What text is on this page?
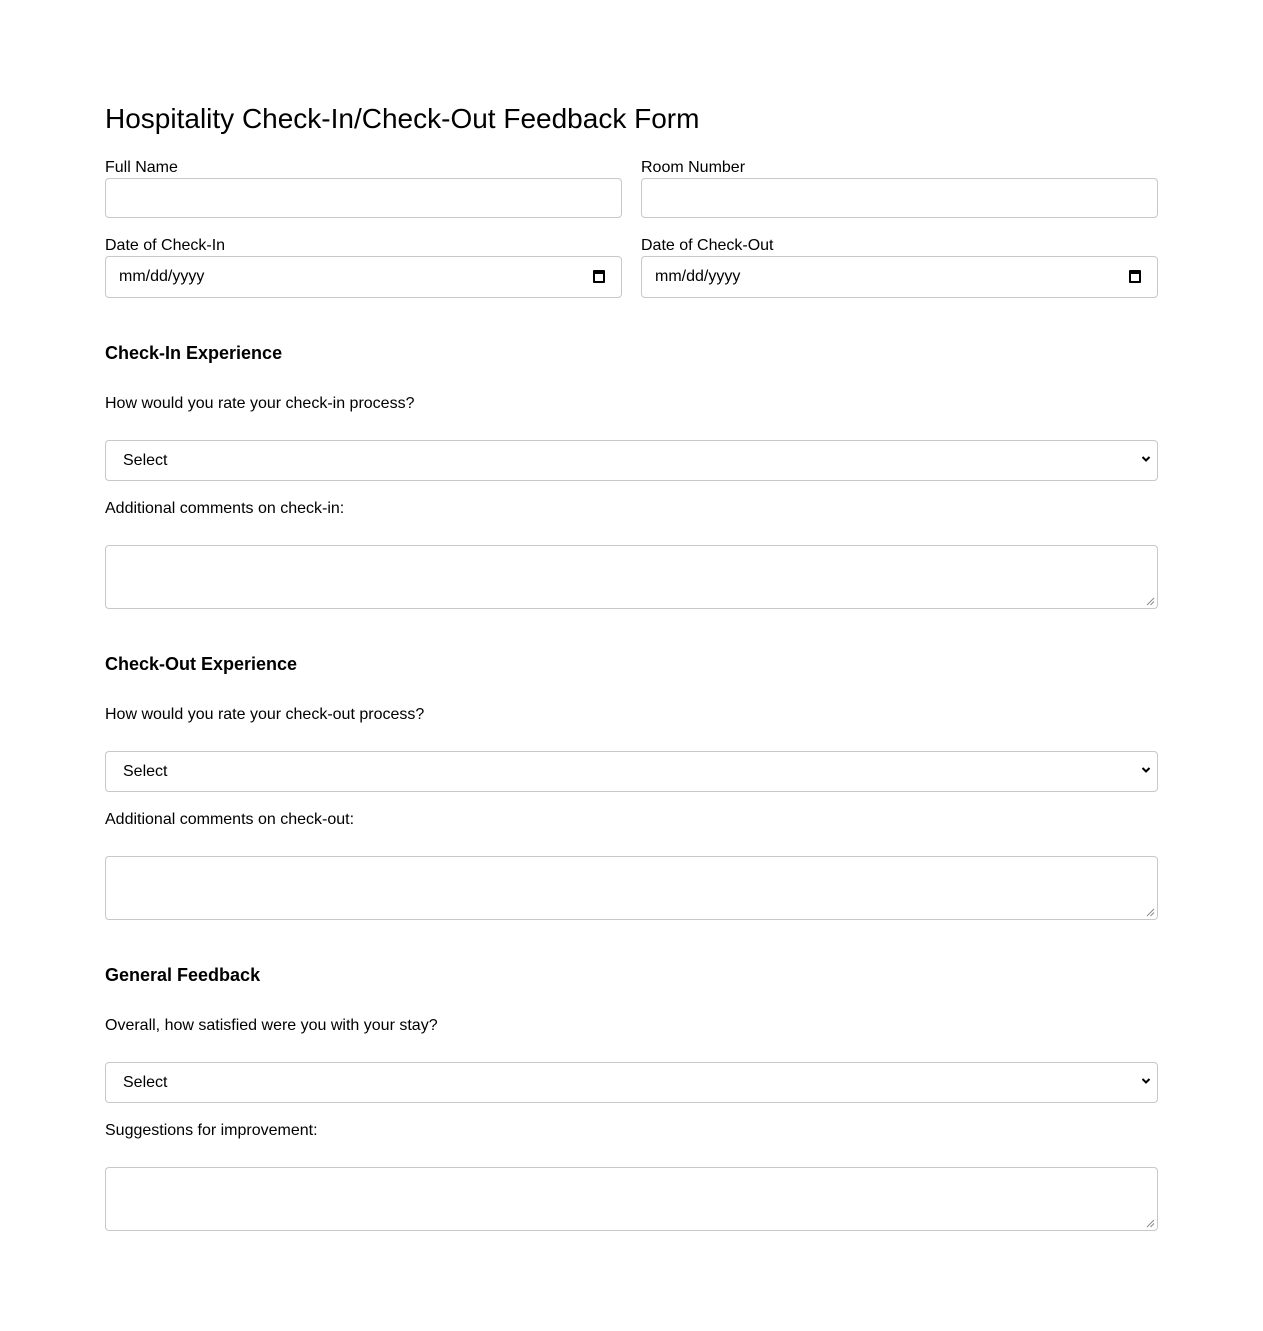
Hospitality Check-In/Check-Out Feedback Form
Full Name	Room Number
Date of Check-In
mm/dd/yyyy
Date of Check-Out
mm/dd/yyyy
Check-In Experience
How would you rate your check-in process?
Select
Additional comments on check-in:
Check-Out Experience
How would you rate your check-out process?
Select
Additional comments on check-out:
General Feedback
Overall, how satisfied were you with your stay?
Select
Suggestions for improvement:
